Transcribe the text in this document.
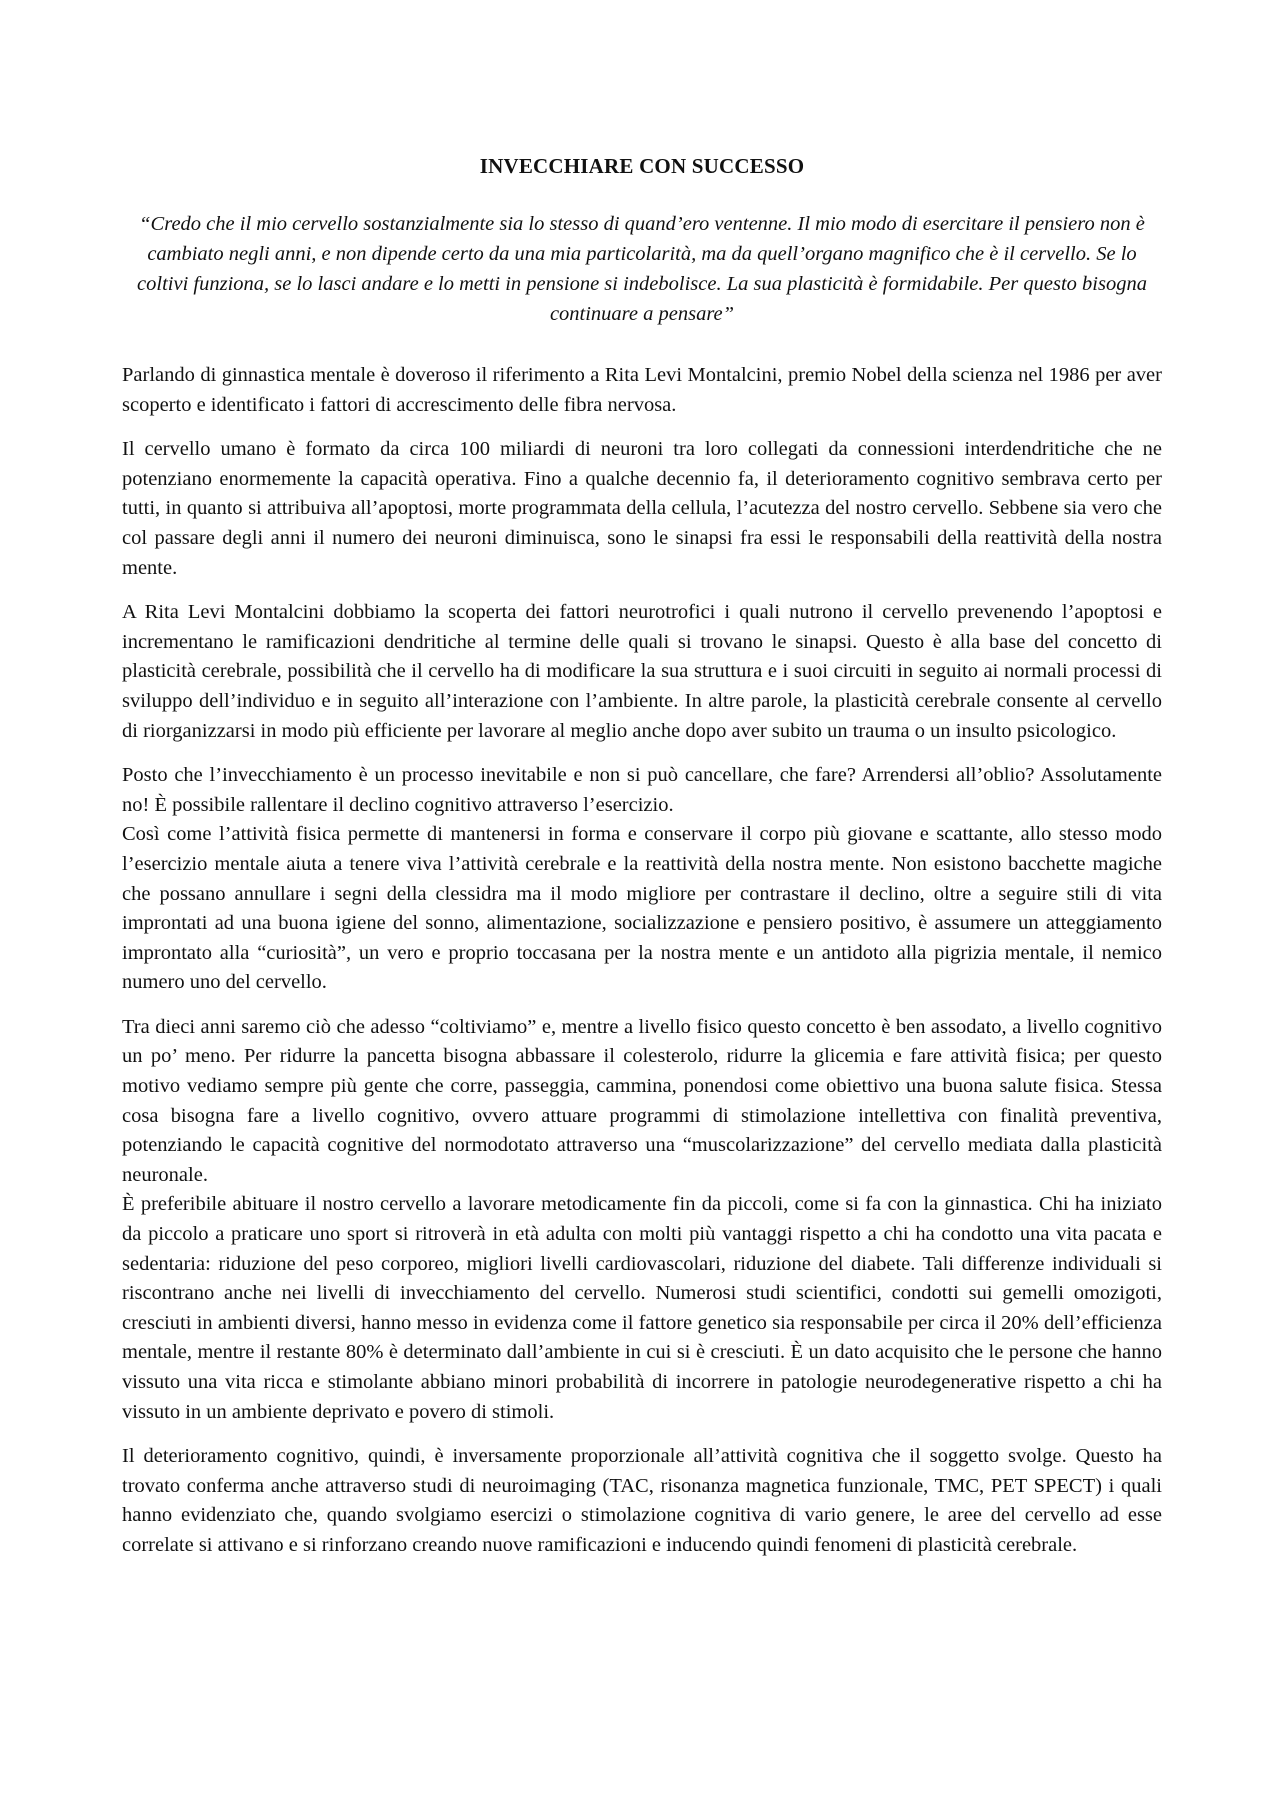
INVECCHIARE CON SUCCESSO

“Credo che il mio cervello sostanzialmente sia lo stesso di quand’ero ventenne. Il mio modo di esercitare il pensiero non è cambiato negli anni, e non dipende certo da una mia particolarità, ma da quell’organo magnifico che è il cervello. Se lo coltivi funziona, se lo lasci andare e lo metti in pensione si indebolisce. La sua plasticità è formidabile. Per questo bisogna continuare a pensare”

Parlando di ginnastica mentale è doveroso il riferimento a Rita Levi Montalcini, premio Nobel della scienza nel 1986 per aver scoperto e identificato i fattori di accrescimento delle fibra nervosa.

Il cervello umano è formato da circa 100 miliardi di neuroni tra loro collegati da connessioni interdendritiche che ne potenziano enormemente la capacità operativa. Fino a qualche decennio fa, il deterioramento cognitivo sembrava certo per tutti, in quanto si attribuiva all’apoptosi, morte programmata della cellula, l’acutezza del nostro cervello. Sebbene sia vero che col passare degli anni il numero dei neuroni diminuisca, sono le sinapsi fra essi le responsabili della reattività della nostra mente.

A Rita Levi Montalcini dobbiamo la scoperta dei fattori neurotrofici i quali nutrono il cervello prevenendo l’apoptosi e incrementano le ramificazioni dendritiche al termine delle quali si trovano le sinapsi. Questo è alla base del concetto di plasticità cerebrale, possibilità che il cervello ha di modificare la sua struttura e i suoi circuiti in seguito ai normali processi di sviluppo dell’individuo e in seguito all’interazione con l’ambiente. In altre parole, la plasticità cerebrale consente al cervello di riorganizzarsi in modo più efficiente per lavorare al meglio anche dopo aver subito un trauma o un insulto psicologico.

Posto che l’invecchiamento è un processo inevitabile e non si può cancellare, che fare? Arrendersi all’oblio? Assolutamente no! È possibile rallentare il declino cognitivo attraverso l’esercizio.

Così come l’attività fisica permette di mantenersi in forma e conservare il corpo più giovane e scattante, allo stesso modo l’esercizio mentale aiuta a tenere viva l’attività cerebrale e la reattività della nostra mente. Non esistono bacchette magiche che possano annullare i segni della clessidra ma il modo migliore per contrastare il declino, oltre a seguire stili di vita improntati ad una buona igiene del sonno, alimentazione, socializzazione e pensiero positivo, è assumere un atteggiamento improntato alla “curiosità”, un vero e proprio toccasana per la nostra mente e un antidoto alla pigrizia mentale, il nemico numero uno del cervello.

Tra dieci anni saremo ciò che adesso “coltiviamo” e, mentre a livello fisico questo concetto è ben assodato, a livello cognitivo un po’ meno. Per ridurre la pancetta bisogna abbassare il colesterolo, ridurre la glicemia e fare attività fisica; per questo motivo vediamo sempre più gente che corre, passeggia, cammina, ponendosi come obiettivo una buona salute fisica. Stessa cosa bisogna fare a livello cognitivo, ovvero attuare programmi di stimolazione intellettiva con finalità preventiva, potenziando le capacità cognitive del normodotato attraverso una “muscolarizzazione” del cervello mediata dalla plasticità neuronale.

È preferibile abituare il nostro cervello a lavorare metodicamente fin da piccoli, come si fa con la ginnastica. Chi ha iniziato da piccolo a praticare uno sport si ritroverà in età adulta con molti più vantaggi rispetto a chi ha condotto una vita pacata e sedentaria: riduzione del peso corporeo, migliori livelli cardiovascolari, riduzione del diabete. Tali differenze individuali si riscontrano anche nei livelli di invecchiamento del cervello. Numerosi studi scientifici, condotti sui gemelli omozigoti, cresciuti in ambienti diversi, hanno messo in evidenza come il fattore genetico sia responsabile per circa il 20% dell’efficienza mentale, mentre il restante 80% è determinato dall’ambiente in cui si è cresciuti. È un dato acquisito che le persone che hanno vissuto una vita ricca e stimolante abbiano minori probabilità di incorrere in patologie neurodegenerative rispetto a chi ha vissuto in un ambiente deprivato e povero di stimoli.

Il deterioramento cognitivo, quindi, è inversamente proporzionale all’attività cognitiva che il soggetto svolge. Questo ha trovato conferma anche attraverso studi di neuroimaging (TAC, risonanza magnetica funzionale, TMC, PET SPECT) i quali hanno evidenziato che, quando svolgiamo esercizi o stimolazione cognitiva di vario genere, le aree del cervello ad esse correlate si attivano e si rinforzano creando nuove ramificazioni e inducendo quindi fenomeni di plasticità cerebrale.
